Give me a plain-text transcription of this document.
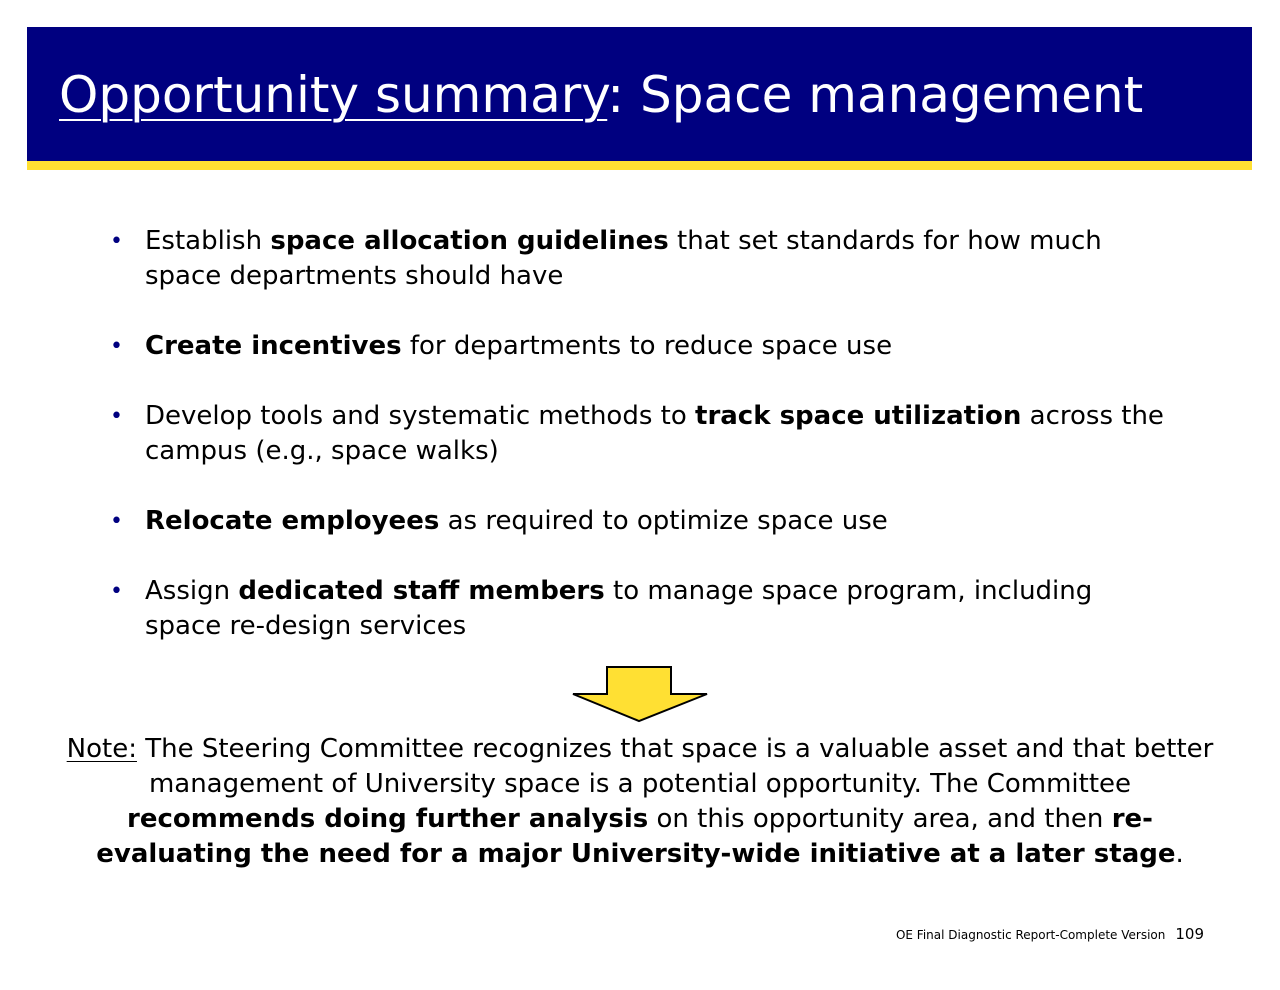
Opportunity summary: Space management
• Establish space allocation guidelines that set standards for how much space departments should have
• Create incentives for departments to reduce space use
• Develop tools and systematic methods to track space utilization across the campus (e.g., space walks)
• Relocate employees as required to optimize space use
• Assign dedicated staff members to manage space program, including space re-design services

Note: The Steering Committee recognizes that space is a valuable asset and that better management of University space is a potential opportunity. The Committee recommends doing further analysis on this opportunity area, and then re-evaluating the need for a major University-wide initiative at a later stage.

OE Final Diagnostic Report-Complete Version 109
